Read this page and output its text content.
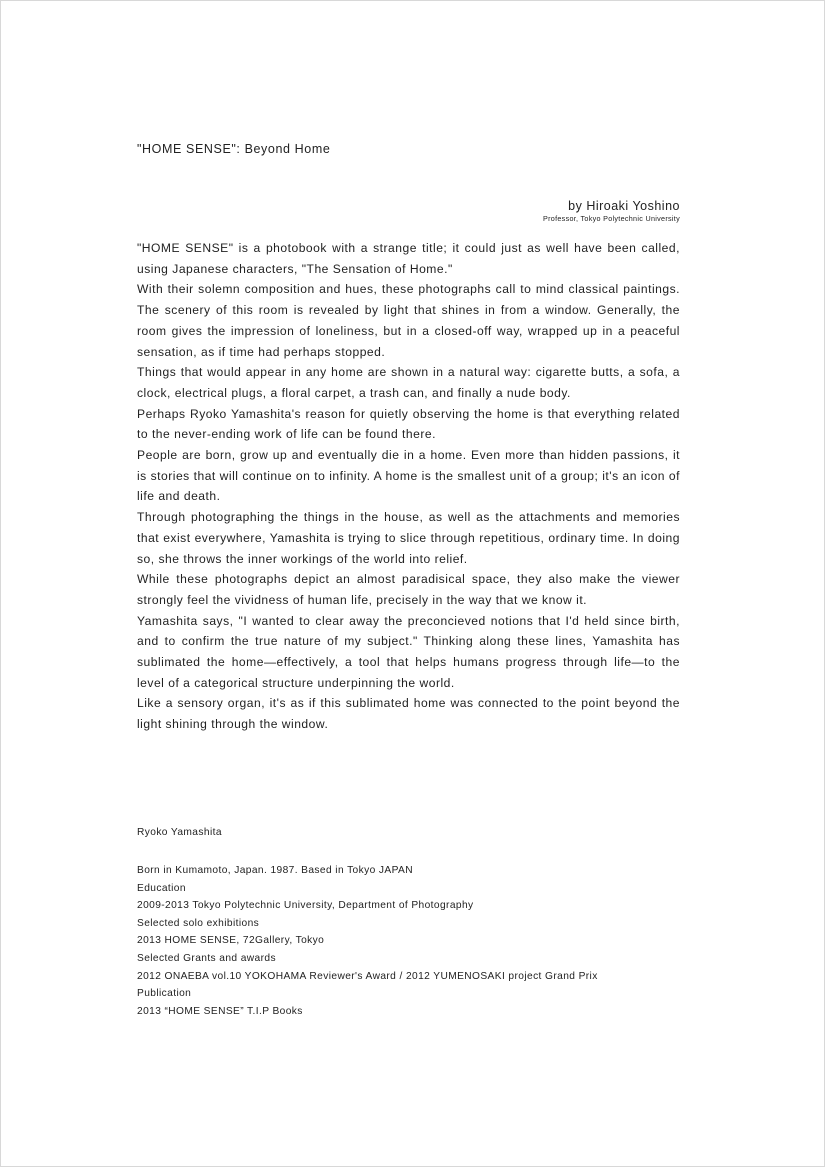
"HOME SENSE": Beyond Home
by Hiroaki Yoshino
Professor, Tokyo Polytechnic University

"HOME SENSE" is a photobook with a strange title; it could just as well have been called, using Japanese characters, "The Sensation of Home."

With their solemn composition and hues, these photographs call to mind classical paintings. The scenery of this room is revealed by light that shines in from a window. Generally, the room gives the impression of loneliness, but in a closed-off way, wrapped up in a peaceful sensation, as if time had perhaps stopped.

Things that would appear in any home are shown in a natural way: cigarette butts, a sofa, a clock, electrical plugs, a floral carpet, a trash can, and finally a nude body.

Perhaps Ryoko Yamashita's reason for quietly observing the home is that everything related to the never-ending work of life can be found there.

People are born, grow up and eventually die in a home. Even more than hidden passions, it is stories that will continue on to infinity. A home is the smallest unit of a group; it's an icon of life and death.

Through photographing the things in the house, as well as the attachments and memories that exist everywhere, Yamashita is trying to slice through repetitious, ordinary time. In doing so, she throws the inner workings of the world into relief.

While these photographs depict an almost paradisical space, they also make the viewer strongly feel the vividness of human life, precisely in the way that we know it.

Yamashita says, "I wanted to clear away the preconcieved notions that I'd held since birth, and to confirm the true nature of my subject." Thinking along these lines, Yamashita has sublimated the home—effectively, a tool that helps humans progress through life—to the level of a categorical structure underpinning the world.

Like a sensory organ, it's as if this sublimated home was connected to the point beyond the light shining through the window.

Ryoko Yamashita
Born in Kumamoto, Japan. 1987. Based in Tokyo JAPAN
Education
2009-2013 Tokyo Polytechnic University, Department of Photography
Selected solo exhibitions
2013 HOME SENSE, 72Gallery, Tokyo
Selected Grants and awards
2012 ONAEBA vol.10 YOKOHAMA Reviewer's Award / 2012 YUMENOSAKI project Grand Prix
Publication
2013 “HOME SENSE” T.I.P Books
